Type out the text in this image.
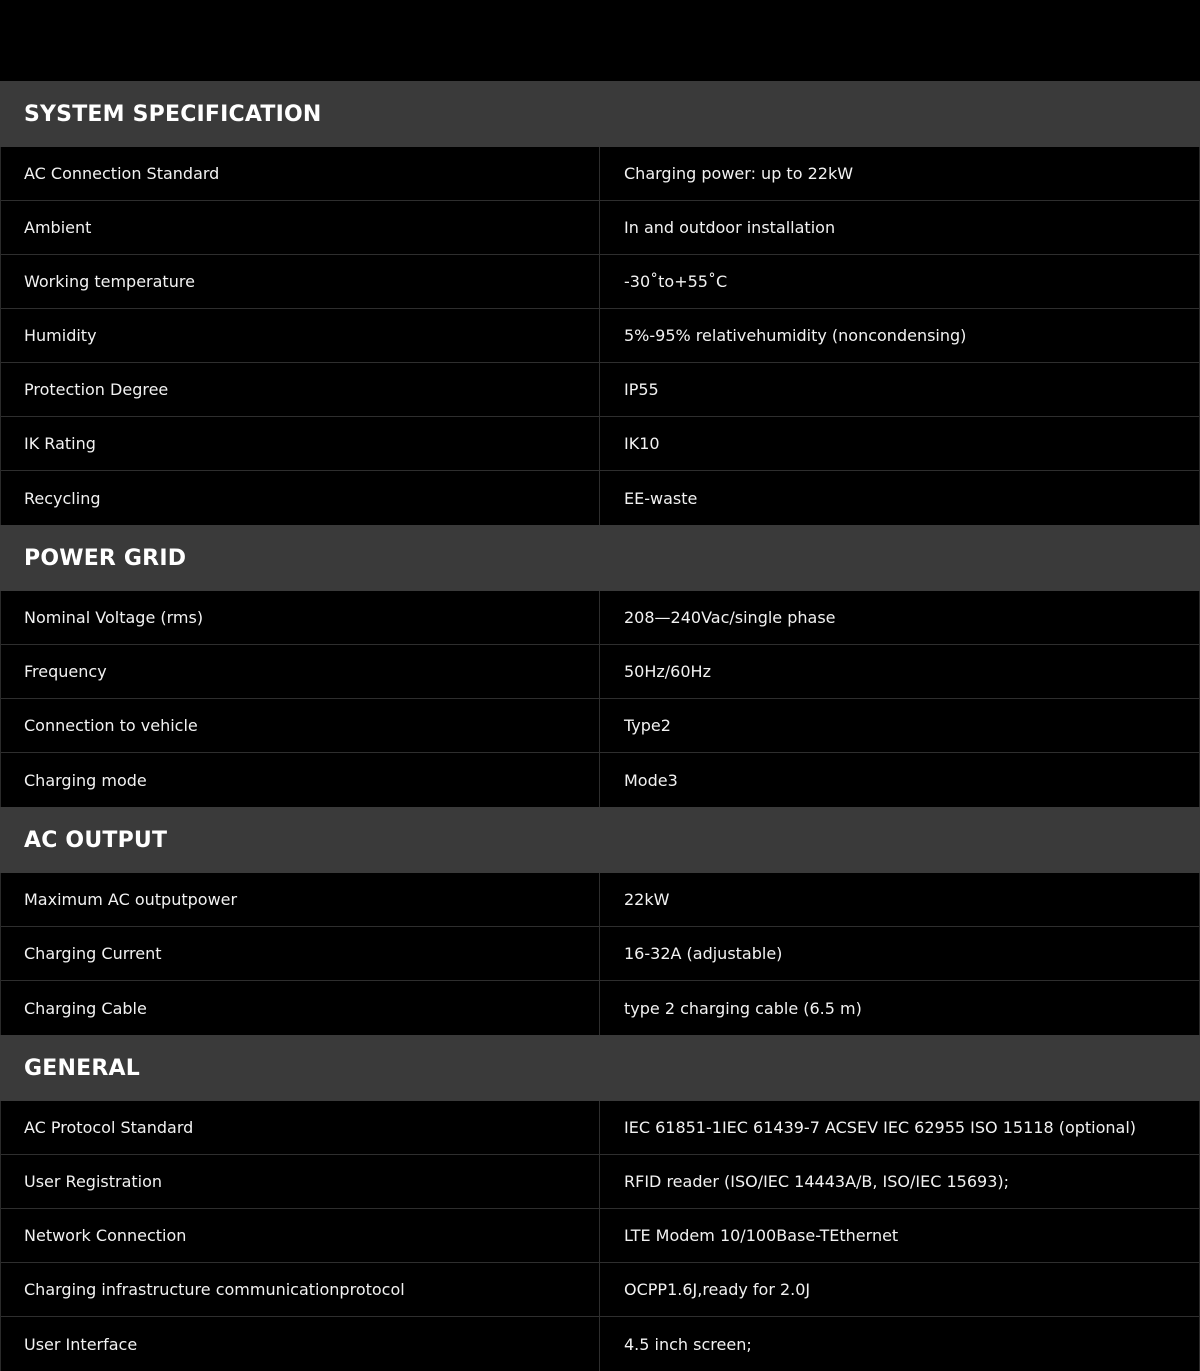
SYSTEM SPECIFICATION
AC Connection Standard	Charging power: up to 22kW
Ambient	In and outdoor installation
Working temperature	-30˚to+55˚C
Humidity	5%-95% relativehumidity (noncondensing)
Protection Degree	IP55
IK Rating	IK10
Recycling	EE-waste
POWER GRID
Nominal Voltage (rms)	208—240Vac/single phase
Frequency	50Hz/60Hz
Connection to vehicle	Type2
Charging mode	Mode3
AC OUTPUT
Maximum AC outputpower	22kW
Charging Current	16-32A (adjustable)
Charging Cable	type 2 charging cable (6.5 m)
GENERAL
AC Protocol Standard	IEC 61851-1IEC 61439-7 ACSEV IEC 62955 ISO 15118 (optional)
User Registration	RFID reader (ISO/IEC 14443A/B, ISO/IEC 15693);
Network Connection	LTE Modem 10/100Base-TEthernet
Charging infrastructure communicationprotocol	OCPP1.6J,ready for 2.0J
User Interface	4.5 inch screen;
